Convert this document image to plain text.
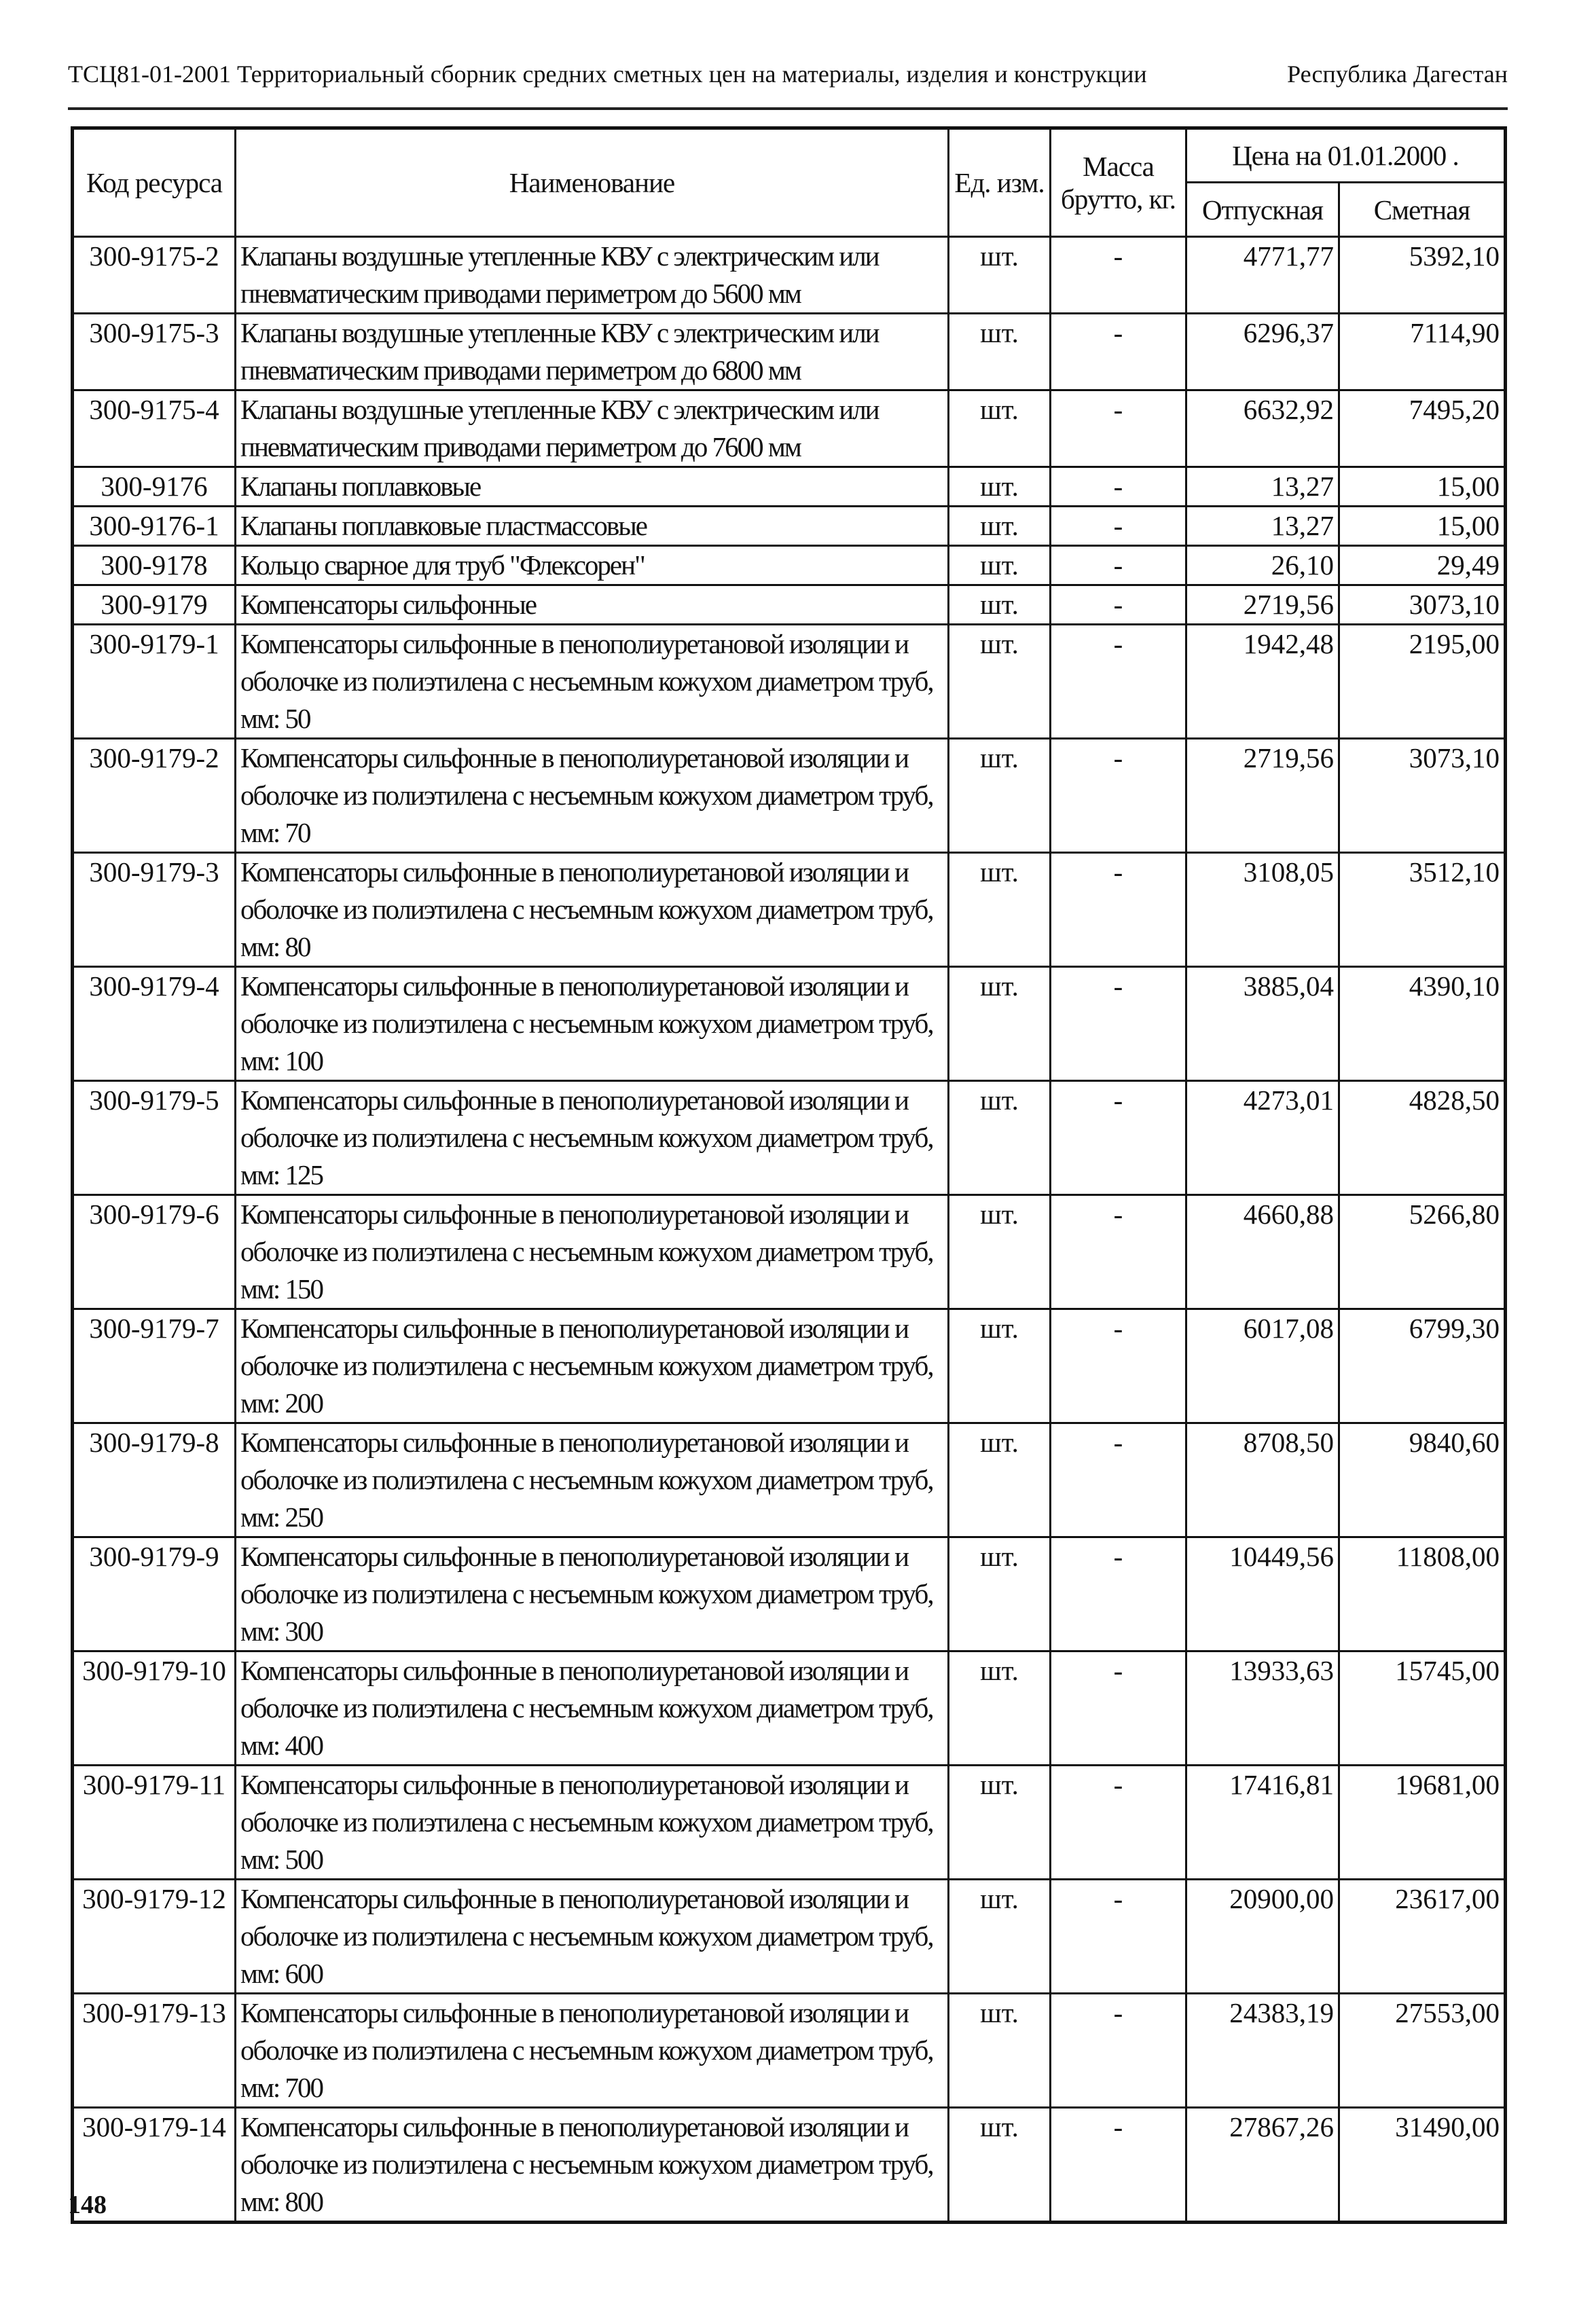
ТСЦ81-01-2001 Территориальный сборник средних сметных цен на материалы, изделия и конструкции	Республика Дагестан
Код ресурса	Наименование	Ед. изм.	Масса брутто, кг.	Цена на 01.01.2000 .	
				Отпускная	Сметная
300-9175-2	Клапаны воздушные утепленные КВУ с электрическим или пневматическим приводами периметром до 5600 мм	шт.	-	4771,77	5392,10
300-9175-3	Клапаны воздушные утепленные КВУ с электрическим или пневматическим приводами периметром до 6800 мм	шт.	-	6296,37	7114,90
300-9175-4	Клапаны воздушные утепленные КВУ с электрическим или пневматическим приводами периметром до 7600 мм	шт.	-	6632,92	7495,20
300-9176	Клапаны поплавковые	шт.	-	13,27	15,00
300-9176-1	Клапаны поплавковые пластмассовые	шт.	-	13,27	15,00
300-9178	Кольцо сварное для труб "Флексорен"	шт.	-	26,10	29,49
300-9179	Компенсаторы сильфонные	шт.	-	2719,56	3073,10
300-9179-1	Компенсаторы сильфонные в пенополиуретановой изоляции и оболочке из полиэтилена с несъемным кожухом диаметром труб, мм: 50	шт.	-	1942,48	2195,00
300-9179-2	Компенсаторы сильфонные в пенополиуретановой изоляции и оболочке из полиэтилена с несъемным кожухом диаметром труб, мм: 70	шт.	-	2719,56	3073,10
300-9179-3	Компенсаторы сильфонные в пенополиуретановой изоляции и оболочке из полиэтилена с несъемным кожухом диаметром труб, мм: 80	шт.	-	3108,05	3512,10
300-9179-4	Компенсаторы сильфонные в пенополиуретановой изоляции и оболочке из полиэтилена с несъемным кожухом диаметром труб, мм: 100	шт.	-	3885,04	4390,10
300-9179-5	Компенсаторы сильфонные в пенополиуретановой изоляции и оболочке из полиэтилена с несъемным кожухом диаметром труб, мм: 125	шт.	-	4273,01	4828,50
300-9179-6	Компенсаторы сильфонные в пенополиуретановой изоляции и оболочке из полиэтилена с несъемным кожухом диаметром труб, мм: 150	шт.	-	4660,88	5266,80
300-9179-7	Компенсаторы сильфонные в пенополиуретановой изоляции и оболочке из полиэтилена с несъемным кожухом диаметром труб, мм: 200	шт.	-	6017,08	6799,30
300-9179-8	Компенсаторы сильфонные в пенополиуретановой изоляции и оболочке из полиэтилена с несъемным кожухом диаметром труб, мм: 250	шт.	-	8708,50	9840,60
300-9179-9	Компенсаторы сильфонные в пенополиуретановой изоляции и оболочке из полиэтилена с несъемным кожухом диаметром труб, мм: 300	шт.	-	10449,56	11808,00
300-9179-10	Компенсаторы сильфонные в пенополиуретановой изоляции и оболочке из полиэтилена с несъемным кожухом диаметром труб, мм: 400	шт.	-	13933,63	15745,00
300-9179-11	Компенсаторы сильфонные в пенополиуретановой изоляции и оболочке из полиэтилена с несъемным кожухом диаметром труб, мм: 500	шт.	-	17416,81	19681,00
300-9179-12	Компенсаторы сильфонные в пенополиуретановой изоляции и оболочке из полиэтилена с несъемным кожухом диаметром труб, мм: 600	шт.	-	20900,00	23617,00
300-9179-13	Компенсаторы сильфонные в пенополиуретановой изоляции и оболочке из полиэтилена с несъемным кожухом диаметром труб, мм: 700	шт.	-	24383,19	27553,00
300-9179-14	Компенсаторы сильфонные в пенополиуретановой изоляции и оболочке из полиэтилена с несъемным кожухом диаметром труб, мм: 800	шт.	-	27867,26	31490,00
148
